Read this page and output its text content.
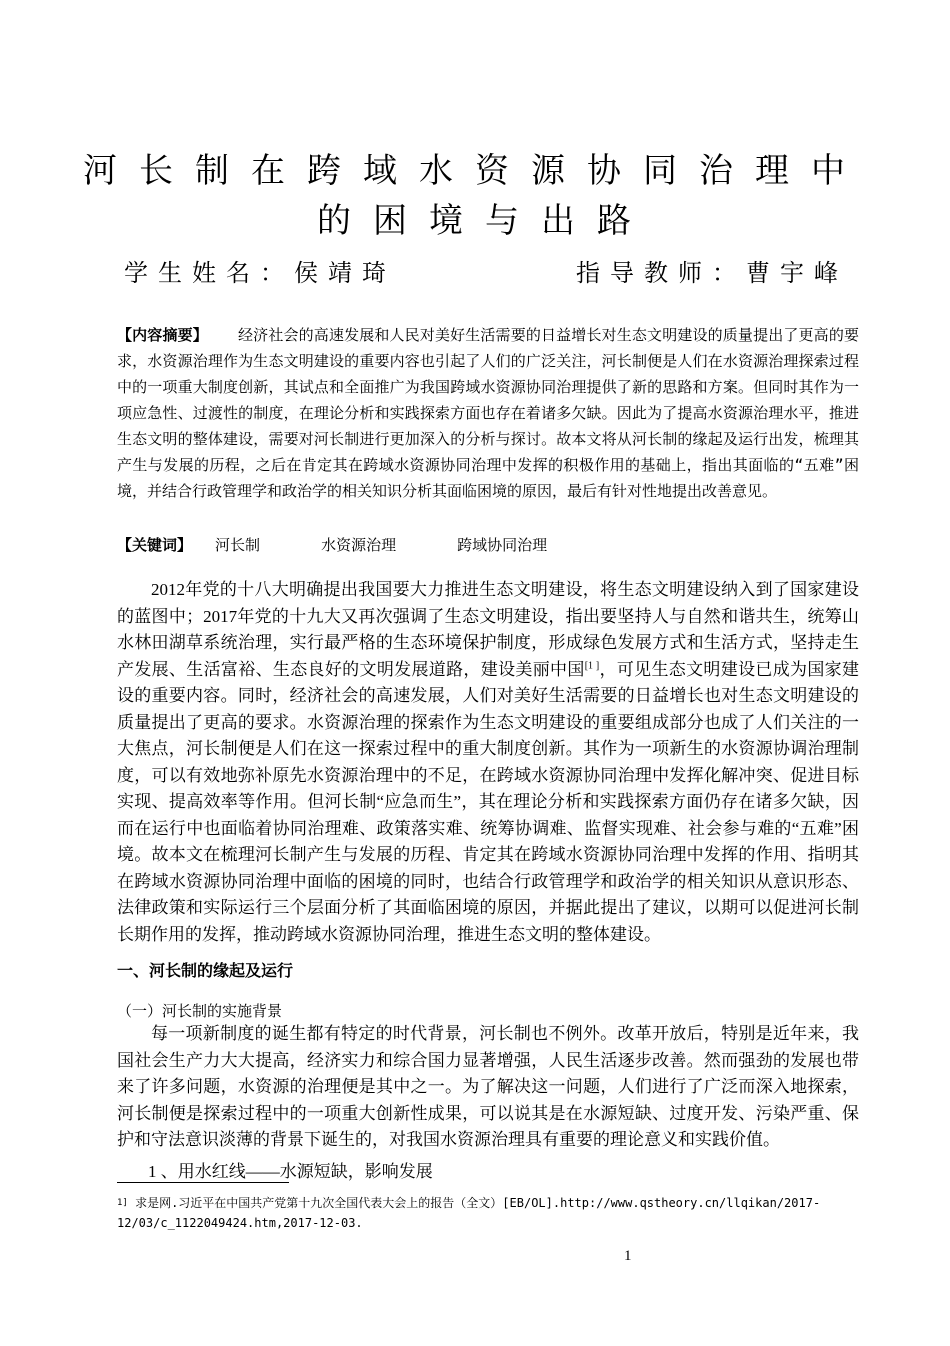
河长制在跨域水资源协同治理中
的困境与出路
学生姓名：侯靖琦	指导教师：曹宇峰
【内容摘要】 经济社会的高速发展和人民对美好生活需要的日益增长对生态文明建设的质量提出了更高的要求，水资源治理作为生态文明建设的重要内容也引起了人们的广泛关注，河长制便是人们在水资源治理探索过程中的一项重大制度创新，其试点和全面推广为我国跨域水资源协同治理提供了新的思路和方案。但同时其作为一项应急性、过渡性的制度，在理论分析和实践探索方面也存在着诸多欠缺。因此为了提高水资源治理水平，推进生态文明的整体建设，需要对河长制进行更加深入的分析与探讨。故本文将从河长制的缘起及运行出发，梳理其产生与发展的历程，之后在肯定其在跨域水资源协同治理中发挥的积极作用的基础上，指出其面临的“五难”困境，并结合行政管理学和政治学的相关知识分析其面临困境的原因，最后有针对性地提出改善意见。
【关键词】 河长制	水资源治理	跨域协同治理
2012年党的十八大明确提出我国要大力推进生态文明建设，将生态文明建设纳入到了国家建设的蓝图中；2017年党的十九大又再次强调了生态文明建设，指出要坚持人与自然和谐共生，统筹山水林田湖草系统治理，实行最严格的生态环境保护制度，形成绿色发展方式和生活方式，坚持走生产发展、生活富裕、生态良好的文明发展道路，建设美丽中国[1 ]，可见生态文明建设已成为国家建设的重要内容。同时，经济社会的高速发展，人们对美好生活需要的日益增长也对生态文明建设的质量提出了更高的要求。水资源治理的探索作为生态文明建设的重要组成部分也成了人们关注的一大焦点，河长制便是人们在这一探索过程中的重大制度创新。其作为一项新生的水资源协调治理制度，可以有效地弥补原先水资源治理中的不足，在跨域水资源协同治理中发挥化解冲突、促进目标实现、提高效率等作用。但河长制“应急而生”，其在理论分析和实践探索方面仍存在诸多欠缺，因而在运行中也面临着协同治理难、政策落实难、统筹协调难、监督实现难、社会参与难的“五难”困境。故本文在梳理河长制产生与发展的历程、肯定其在跨域水资源协同治理中发挥的作用、指明其在跨域水资源协同治理中面临的困境的同时，也结合行政管理学和政治学的相关知识从意识形态、法律政策和实际运行三个层面分析了其面临困境的原因，并据此提出了建议，以期可以促进河长制长期作用的发挥，推动跨域水资源协同治理，推进生态文明的整体建设。
一、河长制的缘起及运行
（一）河长制的实施背景
每一项新制度的诞生都有特定的时代背景，河长制也不例外。改革开放后，特别是近年来，我国社会生产力大大提高，经济实力和综合国力显著增强，人民生活逐步改善。然而强劲的发展也带来了许多问题，水资源的治理便是其中之一。为了解决这一问题，人们进行了广泛而深入地探索，河长制便是探索过程中的一项重大创新性成果，可以说其是在水源短缺、过度开发、污染严重、保护和守法意识淡薄的背景下诞生的，对我国水资源治理具有重要的理论意义和实践价值。
1 、用水红线——水源短缺，影响发展
$^{1]}$ 求是网.习近平在中国共产党第十九次全国代表大会上的报告（全文）[EB/OL].http://www.qstheory.cn/llqikan/2017-12/03/c_1122049424.htm,2017-12-03.
1
